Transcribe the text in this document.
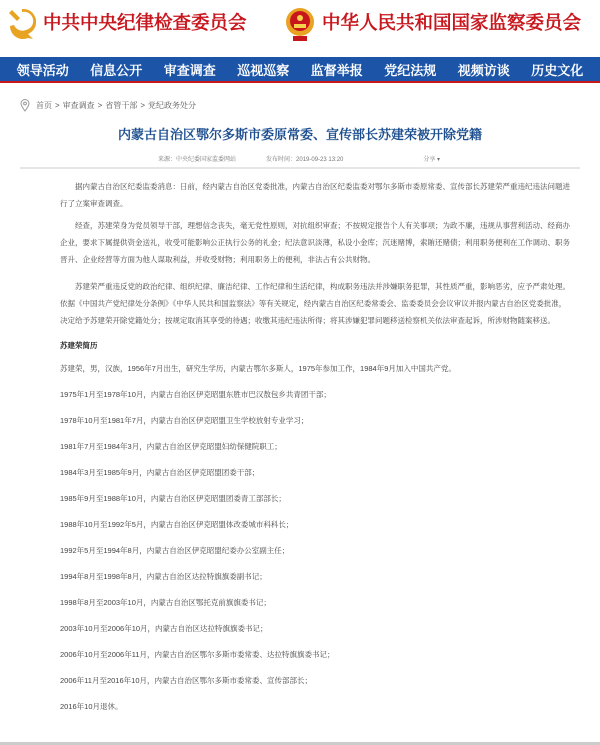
中共中央纪律检查委员会	中华人民共和国国家监察委员会
领导活动 信息公开 审查调查 巡视巡察 监督举报 党纪法规 视频访谈 历史文化
首页 > 审查调查 > 省管干部 > 党纪政务处分
内蒙古自治区鄂尔多斯市委原常委、宣传部长苏建荣被开除党籍
来源：中央纪委国家监委网站	发布时间：2019-09-23 13:20	分享 ▾
据内蒙古自治区纪委监委消息：日前，经内蒙古自治区党委批准，内蒙古自治区纪委监委对鄂尔多斯市委原常委、宣传部长苏建荣严重违纪违法问题进行了立案审查调查。
经查，苏建荣身为党员领导干部，理想信念丧失，毫无党性原则，对抗组织审查；不按规定报告个人有关事项；为政不廉，违规从事营利活动、经商办企业，要求下属提供资金送礼，收受可能影响公正执行公务的礼金；纪法意识淡薄，私设小金库；沉迷赌博，索賄还赌债；利用职务便利在工作调动、职务晋升、企业经营等方面为他人谋取利益，并收受财物；利用职务上的便利，非法占有公共财物。
苏建荣严重违反党的政治纪律、组织纪律、廉洁纪律、工作纪律和生活纪律，构成职务违法并涉嫌职务犯罪，其性质严重，影响恶劣，应予严肃处理。依据《中国共产党纪律处分条例》《中华人民共和国监察法》等有关规定，经内蒙古自治区纪委常委会、监委委员会会议审议并报内蒙古自治区党委批准，决定给予苏建荣开除党籍处分；按规定取消其享受的待遇；收缴其违纪违法所得；将其涉嫌犯罪问题移送检察机关依法审查起诉，所涉财物随案移送。
苏建荣简历
苏建荣，男，汉族，1956年7月出生，研究生学历，内蒙古鄂尔多斯人，1975年参加工作，1984年9月加入中国共产党。
1975年1月至1978年10月，内蒙古自治区伊克昭盟东胜市巴汉敖包乡共青团干部；
1978年10月至1981年7月，内蒙古自治区伊克昭盟卫生学校放射专业学习；
1981年7月至1984年3月，内蒙古自治区伊克昭盟妇幼保健院职工；
1984年3月至1985年9月，内蒙古自治区伊克昭盟团委干部；
1985年9月至1988年10月，内蒙古自治区伊克昭盟团委青工部部长；
1988年10月至1992年5月，内蒙古自治区伊克昭盟体改委城市科科长；
1992年5月至1994年8月，内蒙古自治区伊克昭盟纪委办公室副主任；
1994年8月至1998年8月，内蒙古自治区达拉特旗旗委副书记；
1998年8月至2003年10月，内蒙古自治区鄂托克前旗旗委书记；
2003年10月至2006年10月，内蒙古自治区达拉特旗旗委书记；
2006年10月至2006年11月，内蒙古自治区鄂尔多斯市委常委、达拉特旗旗委书记；
2006年11月至2016年10月，内蒙古自治区鄂尔多斯市委常委、宣传部部长；
2016年10月退休。
